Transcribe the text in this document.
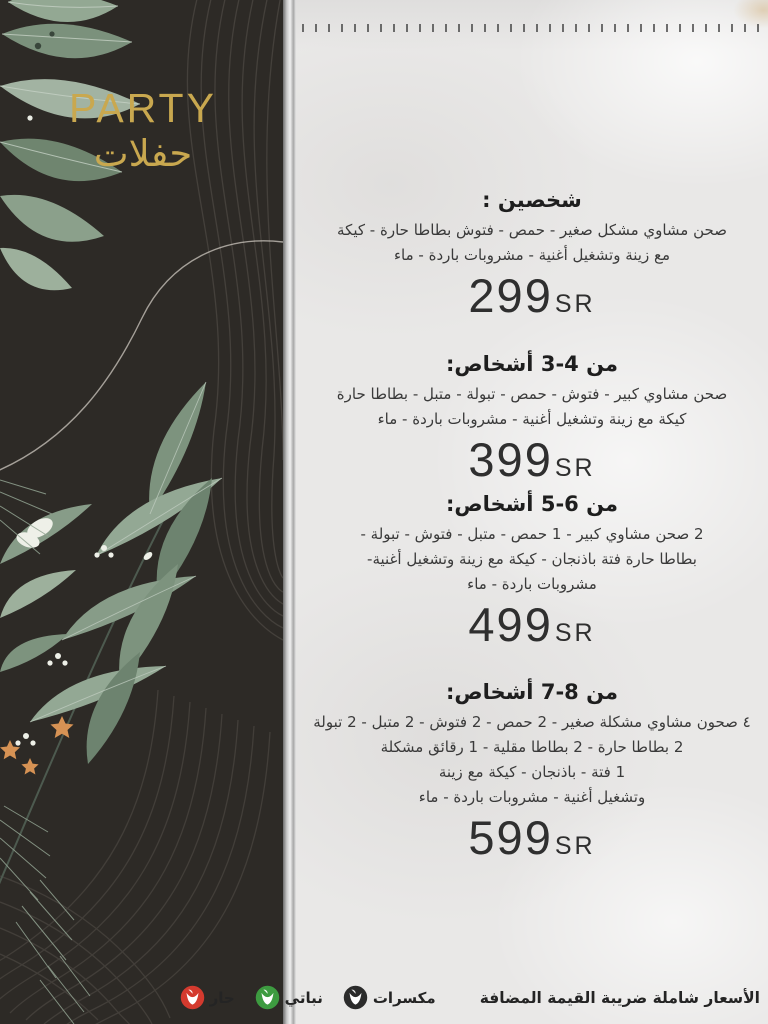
PARTY
حفلات
شخصين :
صحن مشاوي مشكل صغير - حمص - فتوش بطاطا حارة - كيكة
مع زينة وتشغيل أغنية - مشروبات باردة - ماء
299SR
من 4-3 أشخاص:
صحن مشاوي كبير - فتوش - حمص - تبولة - متبل - بطاطا حارة
كيكة مع زينة وتشغيل أغنية - مشروبات باردة - ماء
399SR
من 6-5 أشخاص:
2 صحن مشاوي كبير - 1 حمص - متبل - فتوش - تبولة -
بطاطا حارة فتة باذنجان - كيكة مع زينة وتشغيل أغنية-
مشروبات باردة - ماء
499SR
من 8-7 أشخاص:
٤ صحون مشاوي مشكلة صغير - 2 حمص - 2 فتوش - 2 متبل - 2 تبولة
2 بطاطا حارة - 2 بطاطا مقلية - 1 رقائق مشكلة
1 فتة - باذنجان - كيكة مع زينة
وتشغيل أغنية - مشروبات باردة - ماء
599SR
الأسعار شاملة ضريبة القيمة المضافة
مكسرات
نباتي
حار
